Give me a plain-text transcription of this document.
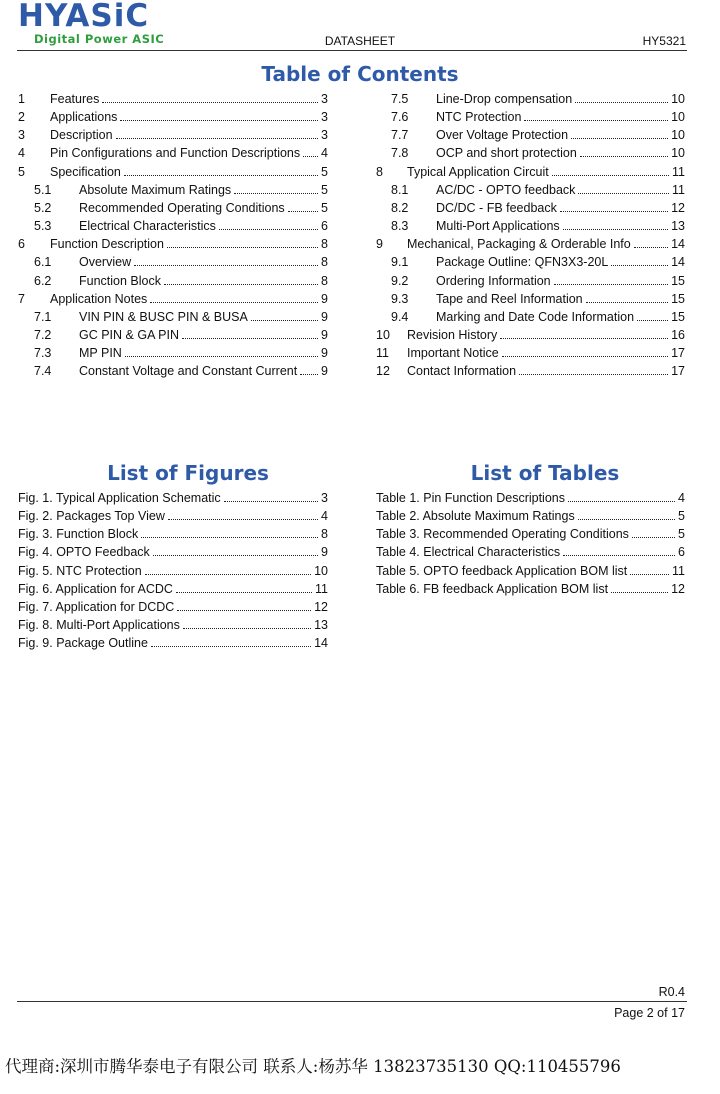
HYASiC
Digital Power ASIC	DATASHEET	HY5321
Table of Contents
1	Features	3
2	Applications	3
3	Description	3
4	Pin Configurations and Function Descriptions 4
5	Specification	5
5.1	Absolute Maximum Ratings	5
5.2	Recommended Operating Conditions	5
5.3	Electrical Characteristics	6
6	Function Description	8
6.1	Overview	8
6.2	Function Block	8
7	Application Notes	9
7.1	VIN PIN & BUSC PIN & BUSA	9
7.2	GC PIN & GA PIN	9
7.3	MP PIN	9
7.4	Constant Voltage and Constant Current 9
7.5	Line-Drop compensation	10
7.6	NTC Protection	10
7.7	Over Voltage Protection	10
7.8	OCP and short protection	10
8	Typical Application Circuit	11
8.1	AC/DC - OPTO feedback	11
8.2	DC/DC - FB feedback	12
8.3	Multi-Port Applications	13
9	Mechanical, Packaging & Orderable Info	14
9.1	Package Outline: QFN3X3-20L	14
9.2	Ordering Information	15
9.3	Tape and Reel Information	15
9.4	Marking and Date Code Information	15
10	Revision History	16
11	Important Notice	17
12	Contact Information	17
List of Figures
Fig. 1. Typical Application Schematic	3
Fig. 2. Packages Top View	4
Fig. 3. Function Block	8
Fig. 4. OPTO Feedback	9
Fig. 5. NTC Protection	10
Fig. 6. Application for ACDC	11
Fig. 7. Application for DCDC	12
Fig. 8. Multi-Port Applications	13
Fig. 9. Package Outline	14
List of Tables
Table 1. Pin Function Descriptions	4
Table 2. Absolute Maximum Ratings	5
Table 3. Recommended Operating Conditions	5
Table 4. Electrical Characteristics	6
Table 5. OPTO feedback Application BOM list	11
Table 6. FB feedback Application BOM list	12
R0.4
Page 2 of 17
代理商:深圳市腾华泰电子有限公司 联系人:杨苏华 13823735130 QQ:110455796
